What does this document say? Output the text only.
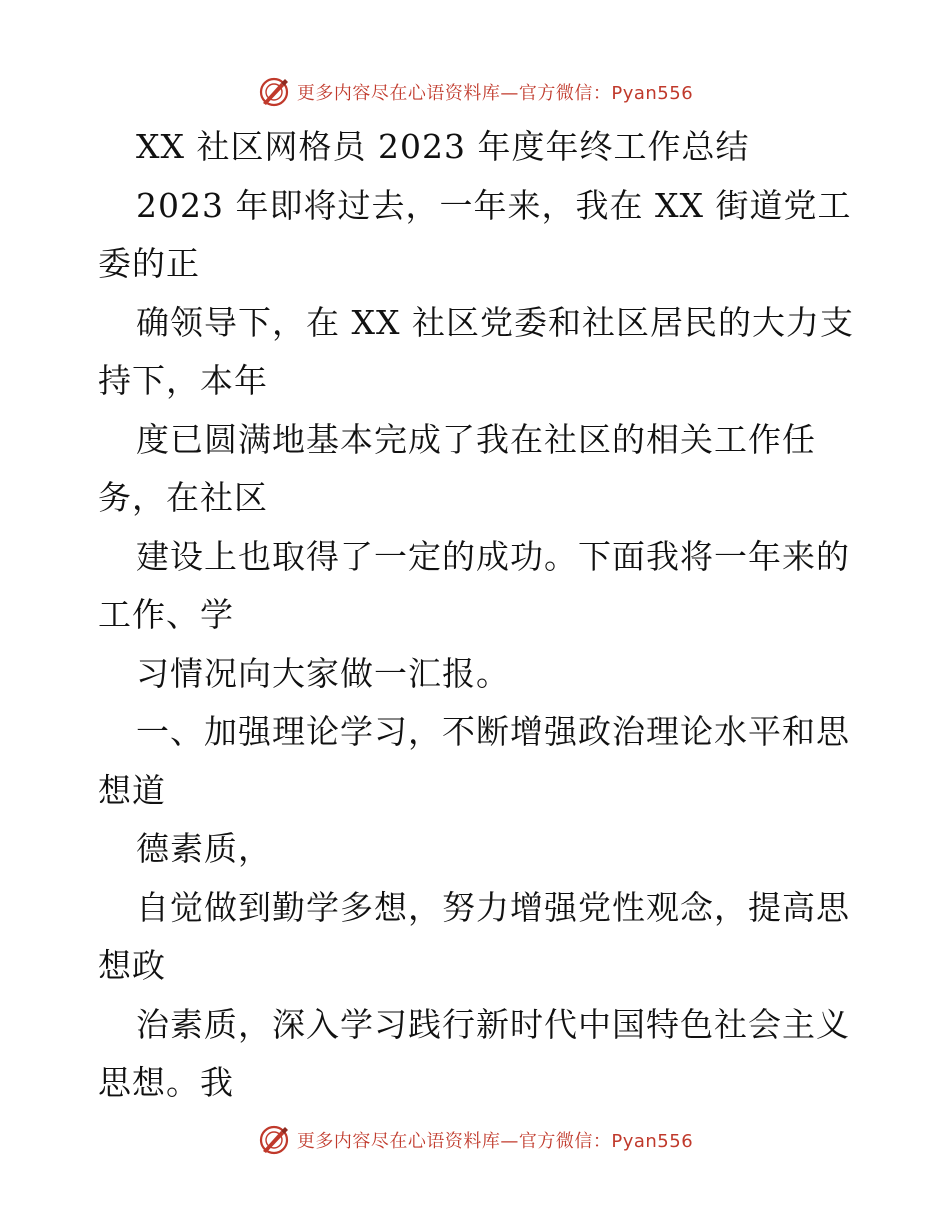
更多内容尽在心语资料库—官方微信：Pyan556
XX 社区网格员 2023 年度年终工作总结
2023 年即将过去，一年来，我在 XX 街道党工
委的正
确领导下，在 XX 社区党委和社区居民的大力支
持下，本年
度已圆满地基本完成了我在社区的相关工作任
务，在社区
建设上也取得了一定的成功。下面我将一年来的
工作、学
习情况向大家做一汇报。
一、加强理论学习，不断增强政治理论水平和思
想道
德素质，
自觉做到勤学多想，努力增强党性观念，提高思
想政
治素质，深入学习践行新时代中国特色社会主义
思想。我
更多内容尽在心语资料库—官方微信：Pyan556
